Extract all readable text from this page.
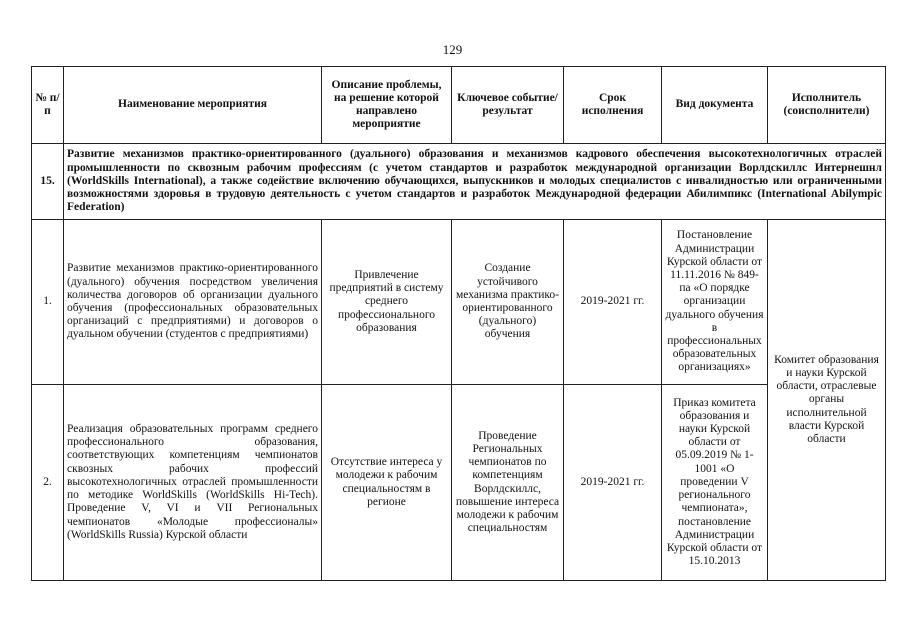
129
№ п/п	Наименование мероприятия	Описание проблемы, на решение которой направлено мероприятие	Ключевое событие/ результат	Срок исполнения	Вид документа	Исполнитель (соисполнители)
15.	Развитие механизмов практико-ориентированного (дуального) образования и механизмов кадрового обеспечения высокотехнологичных отраслей промышленности по сквозным рабочим профессиям (с учетом стандартов и разработок международной организации Ворлдскиллс Интернешнл (WorldSkills International), а также содействие включению обучающихся, выпускников и молодых специалистов с инвалидностью или ограниченными возможностями здоровья в трудовую деятельность с учетом стандартов и разработок Международной федерации Абилимпикс (International Abilympic Federation)					
1.	Развитие механизмов практико-ориентированного (дуального) обучения посредством увеличения количества договоров об организации дуального обучения (профессиональных образовательных организаций с предприятиями) и договоров о дуальном обучении (студентов с предприятиями)	Привлечение предприятий в систему среднего профессионального образования	Создание устойчивого механизма практико-ориентированного (дуального) обучения	2019-2021 гг.	Постановление Администрации Курской области от 11.11.2016 № 849-па «О порядке организации дуального обучения в профессиональных образовательных организациях»	Комитет образования и науки Курской области, отраслевые органы исполнительной власти Курской области
2.	Реализация образовательных программ среднего профессионального образования, соответствующих компетенциям чемпионатов сквозных рабочих профессий высокотехнологичных отраслей промышленности по методике WorldSkills (WorldSkills Hi-Tech). Проведение V, VI и VII Региональных чемпионатов «Молодые профессионалы» (WorldSkills Russia) Курской области	Отсутствие интереса у молодежи к рабочим специальностям в регионе	Проведение Региональных чемпионатов по компетенциям Ворлдскиллс, повышение интереса молодежи к рабочим специальностям	2019-2021 гг.	Приказ комитета образования и науки Курской области от 05.09.2019 № 1-1001 «О проведении V регионального чемпионата», постановление Администрации Курской области от 15.10.2013	
